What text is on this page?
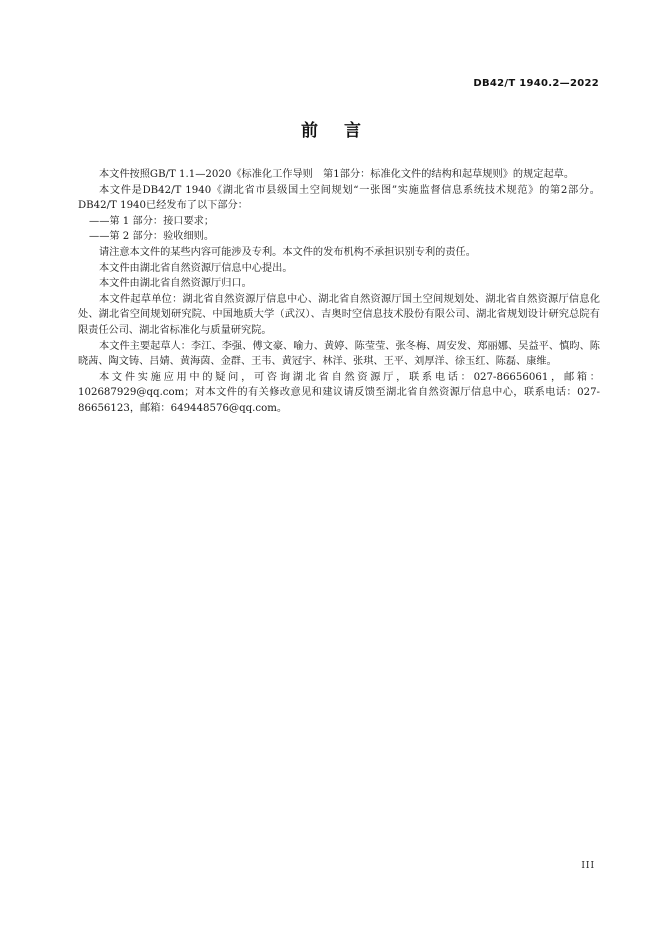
DB42/T 1940.2—2022
前言

本文件按照GB/T 1.1—2020《标准化工作导则　第1部分：标准化文件的结构和起草规则》的规定起草。

本文件是DB42/T 1940《湖北省市县级国土空间规划“一张图”实施监督信息系统技术规范》的第2部分。DB42/T 1940已经发布了以下部分：

——第 1 部分：接口要求；

——第 2 部分：验收细则。

请注意本文件的某些内容可能涉及专利。本文件的发布机构不承担识别专利的责任。

本文件由湖北省自然资源厅信息中心提出。

本文件由湖北省自然资源厅归口。

本文件起草单位：湖北省自然资源厅信息中心、湖北省自然资源厅国土空间规划处、湖北省自然资源厅信息化处、湖北省空间规划研究院、中国地质大学（武汉）、吉奥时空信息技术股份有限公司、湖北省规划设计研究总院有限责任公司、湖北省标准化与质量研究院。

本文件主要起草人：李江、李强、傅文豪、喻力、黄婷、陈莹莹、张冬梅、周安发、郑丽娜、吴益平、慎昀、陈晓茜、陶文铸、吕婧、黄海茵、金群、王韦、黄冠宇、林洋、张琪、王平、刘厚洋、徐玉红、陈磊、康维。

本文件实施应用中的疑问，可咨询湖北省自然资源厅，联系电话：027-86656061，邮箱：102687929@qq.com；对本文件的有关修改意见和建议请反馈至湖北省自然资源厅信息中心，联系电话：027-86656123，邮箱：649448576@qq.com。

III
